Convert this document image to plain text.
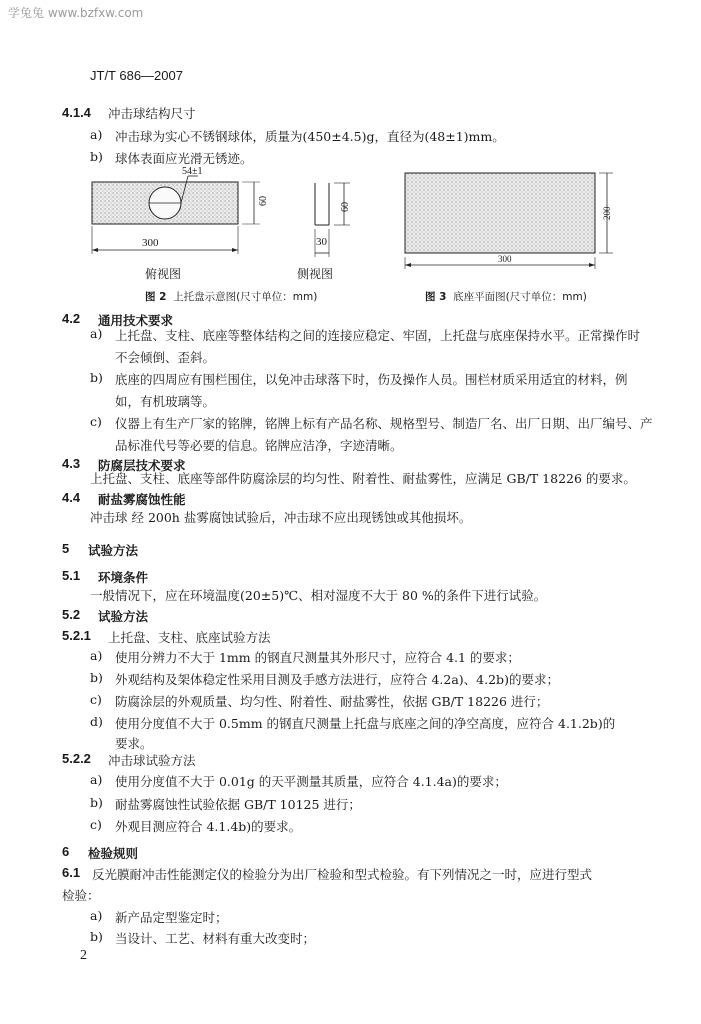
学兔兔 www.bzfxw.com
JT/T 686—2007
4.1.4 冲击球结构尺寸
a) 冲击球为实心不锈钢球体，质量为(450±4.5)g，直径为(48±1)mm。
b) 球体表面应光滑无锈迹。
54±1
60
300
俯视图
60
30
侧视图
200
300
图 2 上托盘示意图(尺寸单位：mm)	图 3 底座平面图(尺寸单位：mm)
4.2 通用技术要求
a) 上托盘、支柱、底座等整体结构之间的连接应稳定、牢固，上托盘与底座保持水平。正常操作时
不会倾倒、歪斜。
b) 底座的四周应有围栏围住，以免冲击球落下时，伤及操作人员。围栏材质采用适宜的材料，例
如，有机玻璃等。
c) 仪器上有生产厂家的铭牌，铭牌上标有产品名称、规格型号、制造厂名、出厂日期、出厂编号、产
品标准代号等必要的信息。铭牌应洁净，字迹清晰。
4.3 防腐层技术要求
上托盘、支柱、底座等部件防腐涂层的均匀性、附着性、耐盐雾性，应满足 GB/T 18226 的要求。
4.4 耐盐雾腐蚀性能
冲击球 经 200h 盐雾腐蚀试验后，冲击球不应出现锈蚀或其他损坏。
5 试验方法
5.1 环境条件
一般情况下，应在环境温度(20±5)℃、相对湿度不大于 80 %的条件下进行试验。
5.2 试验方法
5.2.1 上托盘、支柱、底座试验方法
a) 使用分辨力不大于 1mm 的钢直尺测量其外形尺寸，应符合 4.1 的要求；
b) 外观结构及架体稳定性采用目测及手感方法进行，应符合 4.2a)、4.2b)的要求；
c) 防腐涂层的外观质量、均匀性、附着性、耐盐雾性，依据 GB/T 18226 进行；
d) 使用分度值不大于 0.5mm 的钢直尺测量上托盘与底座之间的净空高度，应符合 4.1.2b)的
要求。
5.2.2 冲击球试验方法
a) 使用分度值不大于 0.01g 的天平测量其质量，应符合 4.1.4a)的要求；
b) 耐盐雾腐蚀性试验依据 GB/T 10125 进行；
c) 外观目测应符合 4.1.4b)的要求。
6 检验规则
6.1 反光膜耐冲击性能测定仪的检验分为出厂检验和型式检验。有下列情况之一时，应进行型式
检验：
a) 新产品定型鉴定时；
b) 当设计、工艺、材料有重大改变时；
2
